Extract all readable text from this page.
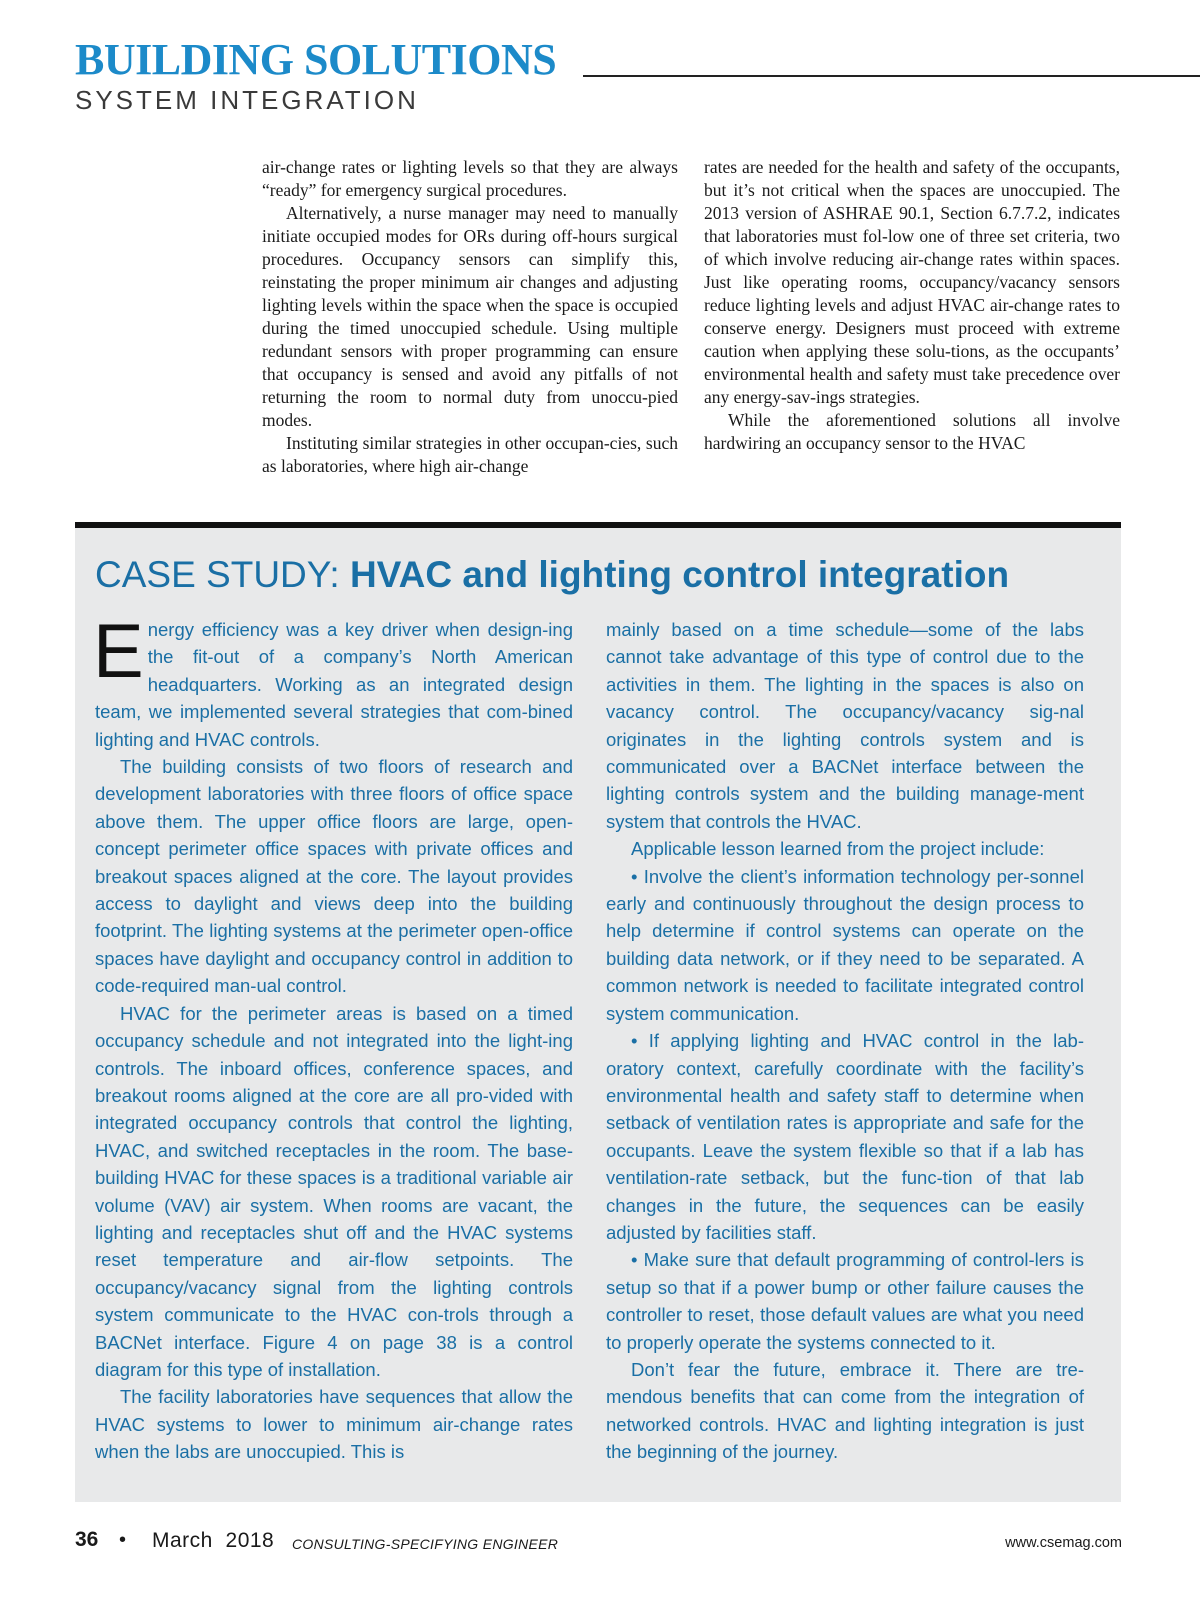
BUILDING SOLUTIONS
SYSTEM INTEGRATION

air-change rates or lighting levels so that they are always “ready” for emergency surgical procedures.

Alternatively, a nurse manager may need to manually initiate occupied modes for ORs during off-hours surgical procedures. Occupancy sensors can simplify this, reinstating the proper minimum air changes and adjusting lighting levels within the space when the space is occupied during the timed unoccupied schedule. Using multiple redundant sensors with proper programming can ensure that occupancy is sensed and avoid any pitfalls of not returning the room to normal duty from unoccu-pied modes.

Instituting similar strategies in other occupan-cies, such as laboratories, where high air-change

rates are needed for the health and safety of the occupants, but it’s not critical when the spaces are unoccupied. The 2013 version of ASHRAE 90.1, Section 6.7.7.2, indicates that laboratories must fol-low one of three set criteria, two of which involve reducing air-change rates within spaces. Just like operating rooms, occupancy/vacancy sensors reduce lighting levels and adjust HVAC air-change rates to conserve energy. Designers must proceed with extreme caution when applying these solu-tions, as the occupants’ environmental health and safety must take precedence over any energy-sav-ings strategies.

While the aforementioned solutions all involve hardwiring an occupancy sensor to the HVAC

CASE STUDY: HVAC and lighting control integration

Energy efficiency was a key driver when design-ing the fit-out of a company’s North American headquarters. Working as an integrated design team, we implemented several strategies that com-bined lighting and HVAC controls.

The building consists of two floors of research and development laboratories with three floors of office space above them. The upper office floors are large, open-concept perimeter office spaces with private offices and breakout spaces aligned at the core. The layout provides access to daylight and views deep into the building footprint. The lighting systems at the perimeter open-office spaces have daylight and occupancy control in addition to code-required man-ual control.

HVAC for the perimeter areas is based on a timed occupancy schedule and not integrated into the light-ing controls. The inboard offices, conference spaces, and breakout rooms aligned at the core are all pro-vided with integrated occupancy controls that control the lighting, HVAC, and switched receptacles in the room. The base-building HVAC for these spaces is a traditional variable air volume (VAV) air system. When rooms are vacant, the lighting and receptacles shut off and the HVAC systems reset temperature and air-flow setpoints. The occupancy/vacancy signal from the lighting controls system communicate to the HVAC con-trols through a BACNet interface. Figure 4 on page 38 is a control diagram for this type of installation.

The facility laboratories have sequences that allow the HVAC systems to lower to minimum air-change rates when the labs are unoccupied. This is

mainly based on a time schedule—some of the labs cannot take advantage of this type of control due to the activities in them. The lighting in the spaces is also on vacancy control. The occupancy/vacancy sig-nal originates in the lighting controls system and is communicated over a BACNet interface between the lighting controls system and the building manage-ment system that controls the HVAC.

Applicable lesson learned from the project include:

• Involve the client’s information technology per-sonnel early and continuously throughout the design process to help determine if control systems can operate on the building data network, or if they need to be separated. A common network is needed to facilitate integrated control system communication.

• If applying lighting and HVAC control in the lab-oratory context, carefully coordinate with the facility’s environmental health and safety staff to determine when setback of ventilation rates is appropriate and safe for the occupants. Leave the system flexible so that if a lab has ventilation-rate setback, but the func-tion of that lab changes in the future, the sequences can be easily adjusted by facilities staff.

• Make sure that default programming of control-lers is setup so that if a power bump or other failure causes the controller to reset, those default values are what you need to properly operate the systems connected to it.

Don’t fear the future, embrace it. There are tre-mendous benefits that can come from the integration of networked controls. HVAC and lighting integration is just the beginning of the journey.

36 • March  2018 CONSULTING-SPECIFYING ENGINEER	www.csemag.com
